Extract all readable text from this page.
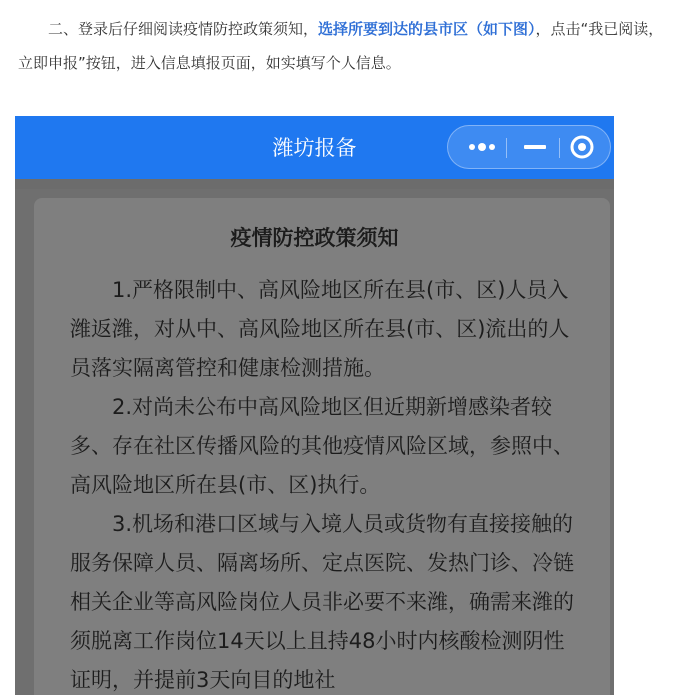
二、登录后仔细阅读疫情防控政策须知，选择所要到达的县市区（如下图），点击“我已阅读，立即申报”按钮，进入信息填报页面，如实填写个人信息。
潍坊报备
疫情防控政策须知

1.严格限制中、高风险地区所在县(市、区)人员入潍返潍，对从中、高风险地区所在县(市、区)流出的人员落实隔离管控和健康检测措施。

2.对尚未公布中高风险地区但近期新增感染者较多、存在社区传播风险的其他疫情风险区域，参照中、高风险地区所在县(市、区)执行。

3.机场和港口区域与入境人员或货物有直接接触的服务保障人员、隔离场所、定点医院、发热门诊、冷链相关企业等高风险岗位人员非必要不来潍，确需来潍的须脱离工作岗位14天以上且持48小时内核酸检测阴性证明，并提前3天向目的地社
